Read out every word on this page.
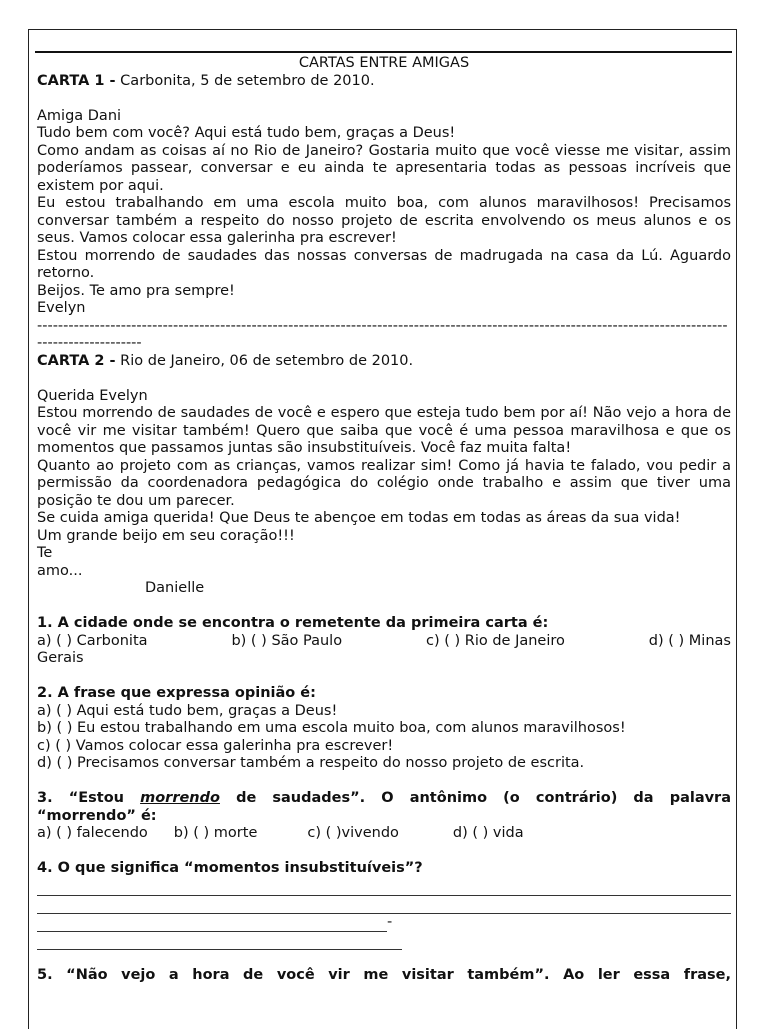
CARTAS ENTRE AMIGAS
CARTA 1 - Carbonita, 5 de setembro de 2010.
Amiga Dani
Tudo bem com você? Aqui está tudo bem, graças a Deus!
Como andam as coisas aí no Rio de Janeiro? Gostaria muito que você viesse me visitar, assim poderíamos passear, conversar e eu ainda te apresentaria todas as pessoas incríveis que existem por aqui.
Eu estou trabalhando em uma escola muito boa, com alunos maravilhosos! Precisamos conversar também a respeito do nosso projeto de escrita envolvendo os meus alunos e os seus. Vamos colocar essa galerinha pra escrever!
Estou morrendo de saudades das nossas conversas de madrugada na casa da Lú. Aguardo retorno.
Beijos. Te amo pra sempre!
Evelyn
------------------------------------------------------------------------------------------------------------------------------------
--------------------
CARTA 2 - Rio de Janeiro, 06 de setembro de 2010.
Querida Evelyn
Estou morrendo de saudades de você e espero que esteja tudo bem por aí! Não vejo a hora de você vir me visitar também! Quero que saiba que você é uma pessoa maravilhosa e que os momentos que passamos juntas são insubstituíveis. Você faz muita falta!
Quanto ao projeto com as crianças, vamos realizar sim! Como já havia te falado, vou pedir a permissão da coordenadora pedagógica do colégio onde trabalho e assim que tiver uma posição te dou um parecer.
Se cuida amiga querida! Que Deus te abençoe em todas em todas as áreas da sua vida!
Um grande beijo em seu coração!!!
Te
amo...
Danielle
1. A cidade onde se encontra o remetente da primeira carta é:
a) ( ) Carbonita	b) ( ) São Paulo	c) ( ) Rio de Janeiro	d) ( ) Minas
Gerais
2. A frase que expressa opinião é:
a) ( ) Aqui está tudo bem, graças a Deus!
b) ( ) Eu estou trabalhando em uma escola muito boa, com alunos maravilhosos!
c) ( ) Vamos colocar essa galerinha pra escrever!
d) ( ) Precisamos conversar também a respeito do nosso projeto de escrita.
3. “Estou morrendo de saudades”. O antônimo (o contrário) da palavra
“morrendo” é:
a) ( ) falecendo b) ( ) morte	c) ( )vivendo	d) ( ) vida
4. O que significa “momentos insubstituíveis”?
-
5. “Não vejo a hora de você vir me visitar também”. Ao ler essa frase,
